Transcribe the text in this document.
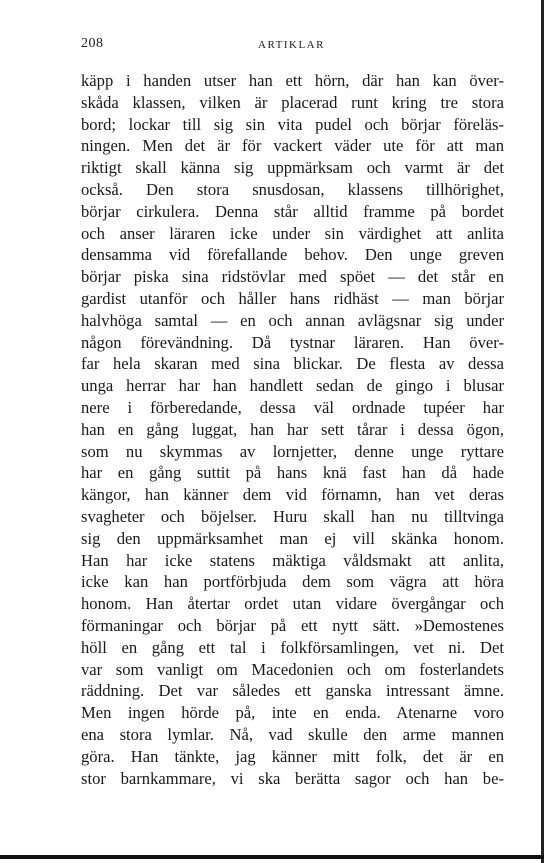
208	ARTIKLAR
käpp i handen utser han ett hörn, där han kan över-
skåda klassen, vilken är placerad runt kring tre stora
bord; lockar till sig sin vita pudel och börjar föreläs-
ningen. Men det är för vackert väder ute för att man
riktigt skall känna sig uppmärksam och varmt är det
också. Den stora snusdosan, klassens tillhörighet,
börjar cirkulera. Denna står alltid framme på bordet
och anser läraren icke under sin värdighet att anlita
densamma vid förefallande behov. Den unge greven
börjar piska sina ridstövlar med spöet — det står en
gardist utanför och håller hans ridhäst — man börjar
halvhöga samtal — en och annan avlägsnar sig under
någon förevändning. Då tystnar läraren. Han över-
far hela skaran med sina blickar. De flesta av dessa
unga herrar har han handlett sedan de gingo i blusar
nere i förberedande, dessa väl ordnade tupéer har
han en gång luggat, han har sett tårar i dessa ögon,
som nu skymmas av lornjetter, denne unge ryttare
har en gång suttit på hans knä fast han då hade
kängor, han känner dem vid förnamn, han vet deras
svagheter och böjelser. Huru skall han nu tilltvinga
sig den uppmärksamhet man ej vill skänka honom.
Han har icke statens mäktiga våldsmakt att anlita,
icke kan han portförbjuda dem som vägra att höra
honom. Han återtar ordet utan vidare övergångar och
förmaningar och börjar på ett nytt sätt. »Demostenes
höll en gång ett tal i folkförsamlingen, vet ni. Det
var som vanligt om Macedonien och om fosterlandets
räddning. Det var således ett ganska intressant ämne.
Men ingen hörde på, inte en enda. Atenarne voro
ena stora lymlar. Nå, vad skulle den arme mannen
göra. Han tänkte, jag känner mitt folk, det är en
stor barnkammare, vi ska berätta sagor och han be-
